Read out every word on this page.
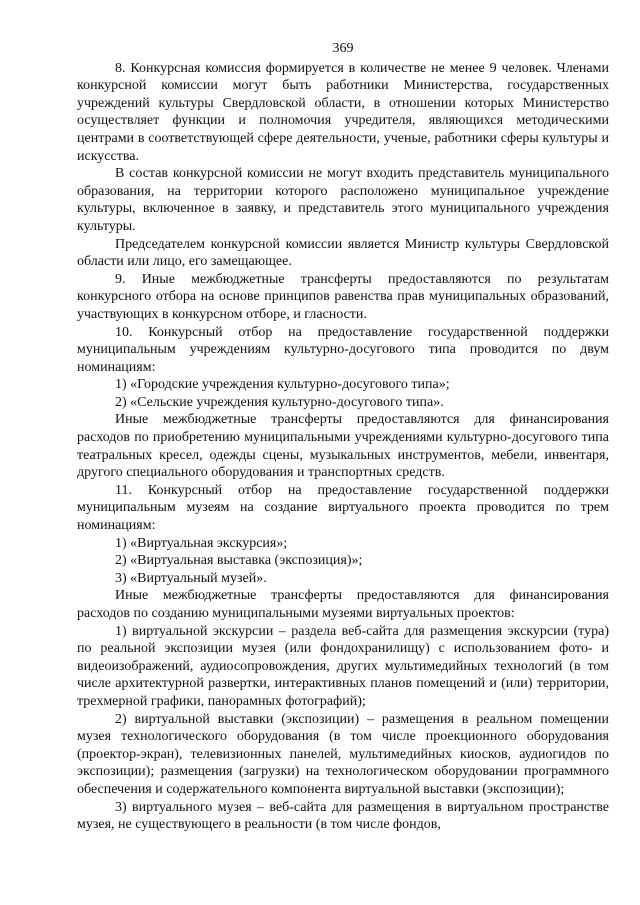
369

8. Конкурсная комиссия формируется в количестве не менее 9 человек. Членами конкурсной комиссии могут быть работники Министерства, государственных учреждений культуры Свердловской области, в отношении которых Министерство осуществляет функции и полномочия учредителя, являющихся методическими центрами в соответствующей сфере деятельности, ученые, работники сферы культуры и искусства.

В состав конкурсной комиссии не могут входить представитель муниципального образования, на территории которого расположено муниципальное учреждение культуры, включенное в заявку, и представитель этого муниципального учреждения культуры.

Председателем конкурсной комиссии является Министр культуры Свердловской области или лицо, его замещающее.

9. Иные межбюджетные трансферты предоставляются по результатам конкурсного отбора на основе принципов равенства прав муниципальных образований, участвующих в конкурсном отборе, и гласности.

10. Конкурсный отбор на предоставление государственной поддержки муниципальным учреждениям культурно-досугового типа проводится по двум номинациям:

1) «Городские учреждения культурно-досугового типа»;

2) «Сельские учреждения культурно-досугового типа».

Иные межбюджетные трансферты предоставляются для финансирования расходов по приобретению муниципальными учреждениями культурно-досугового типа театральных кресел, одежды сцены, музыкальных инструментов, мебели, инвентаря, другого специального оборудования и транспортных средств.

11. Конкурсный отбор на предоставление государственной поддержки муниципальным музеям на создание виртуального проекта проводится по трем номинациям:

1) «Виртуальная экскурсия»;

2) «Виртуальная выставка (экспозиция)»;

3) «Виртуальный музей».

Иные межбюджетные трансферты предоставляются для финансирования расходов по созданию муниципальными музеями виртуальных проектов:

1) виртуальной экскурсии – раздела веб-сайта для размещения экскурсии (тура) по реальной экспозиции музея (или фондохранилищу) с использованием фото- и видеоизображений, аудиосопровождения, других мультимедийных технологий (в том числе архитектурной развертки, интерактивных планов помещений и (или) территории, трехмерной графики, панорамных фотографий);

2) виртуальной выставки (экспозиции) – размещения в реальном помещении музея технологического оборудования (в том числе проекционного оборудования (проектор-экран), телевизионных панелей, мультимедийных киосков, аудиогидов по экспозиции); размещения (загрузки) на технологическом оборудовании программного обеспечения и содержательного компонента виртуальной выставки (экспозиции);

3) виртуального музея – веб-сайта для размещения в виртуальном пространстве музея, не существующего в реальности (в том числе фондов,
